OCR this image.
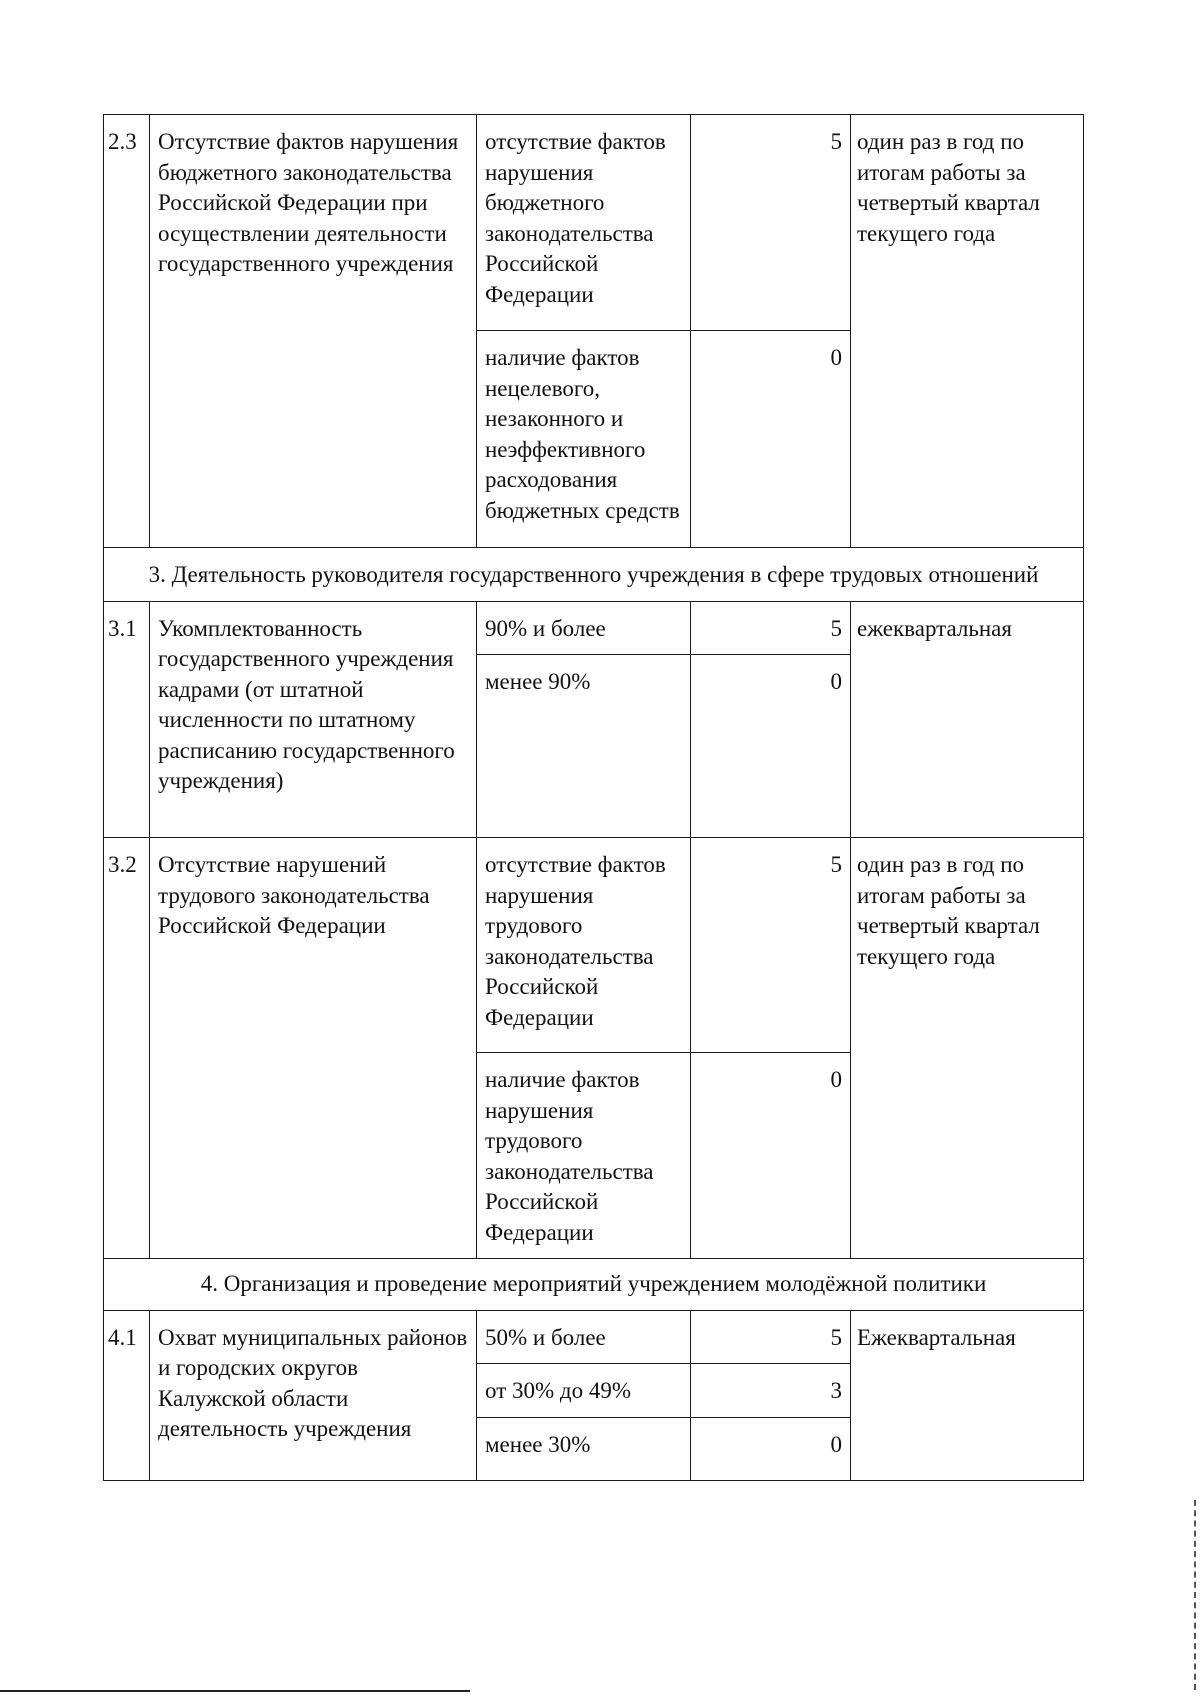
2.3	Отсутствие фактов нарушения бюджетного законодательства Российской Федерации при осуществлении деятельности государственного учреждения	отсутствие фактов нарушения бюджетного законодательства Российской Федерации	5	один раз в год по итогам работы за четвертый квартал текущего года
		наличие фактов нецелевого, незаконного и неэффективного расходования бюджетных средств	0	
3. Деятельность руководителя государственного учреждения в сфере трудовых отношений				
3.1	Укомплектованность государственного учреждения кадрами (от штатной численности по штатному расписанию государственного учреждения)	90% и более	5	ежеквартальная
		менее 90%	0	
3.2	Отсутствие нарушений трудового законодательства Российской Федерации	отсутствие фактов нарушения трудового законодательства Российской Федерации	5	один раз в год по итогам работы за четвертый квартал текущего года
		наличие фактов нарушения трудового законодательства Российской Федерации	0	
4. Организация и проведение мероприятий учреждением молодёжной политики				
4.1	Охват муниципальных районов и городских округов Калужской области деятельность учреждения	50% и более	5	Ежеквартальная
		от 30% до 49%	3	
		менее 30%	0	
